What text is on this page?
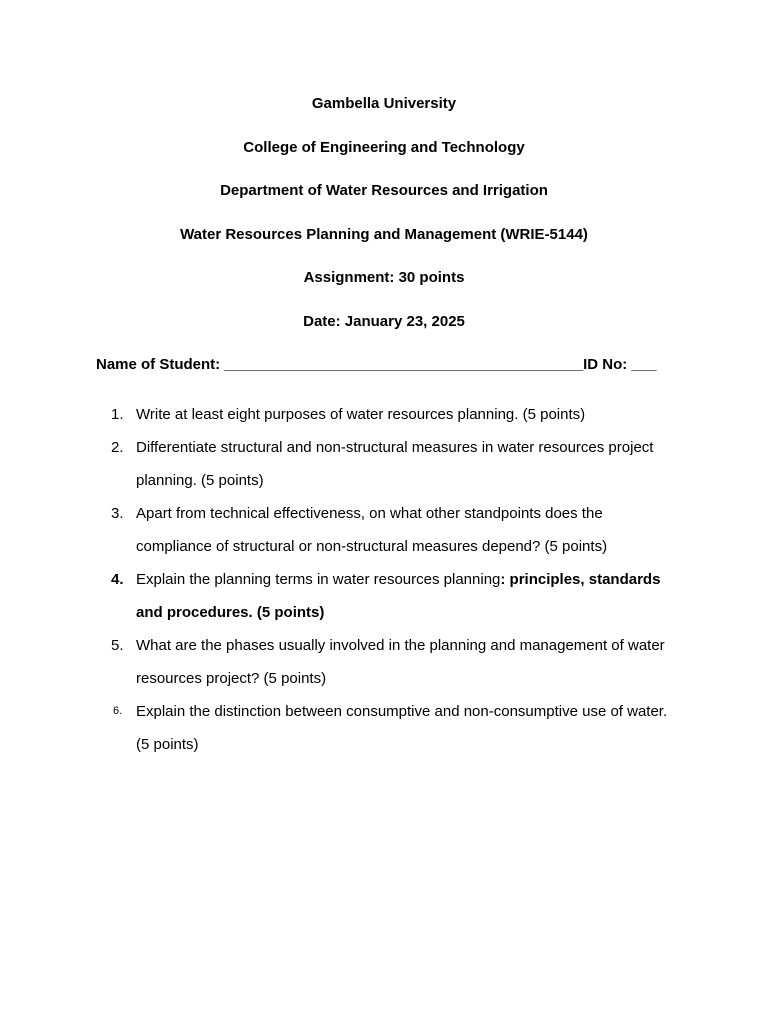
Gambella University
College of Engineering and Technology
Department of Water Resources and Irrigation
Water Resources Planning and Management (WRIE-5144)
Assignment: 30 points
Date: January 23, 2025
Name of Student: ___________________________________________ID No: ___
1. Write at least eight purposes of water resources planning. (5 points)
2. Differentiate structural and non-structural measures in water resources project planning. (5 points)
3. Apart from technical effectiveness, on what other standpoints does the compliance of structural or non-structural measures depend? (5 points)
4. Explain the planning terms in water resources planning: principles, standards and procedures. (5 points)
5. What are the phases usually involved in the planning and management of water resources project? (5 points)
6. Explain the distinction between consumptive and non-consumptive use of water. (5 points)
